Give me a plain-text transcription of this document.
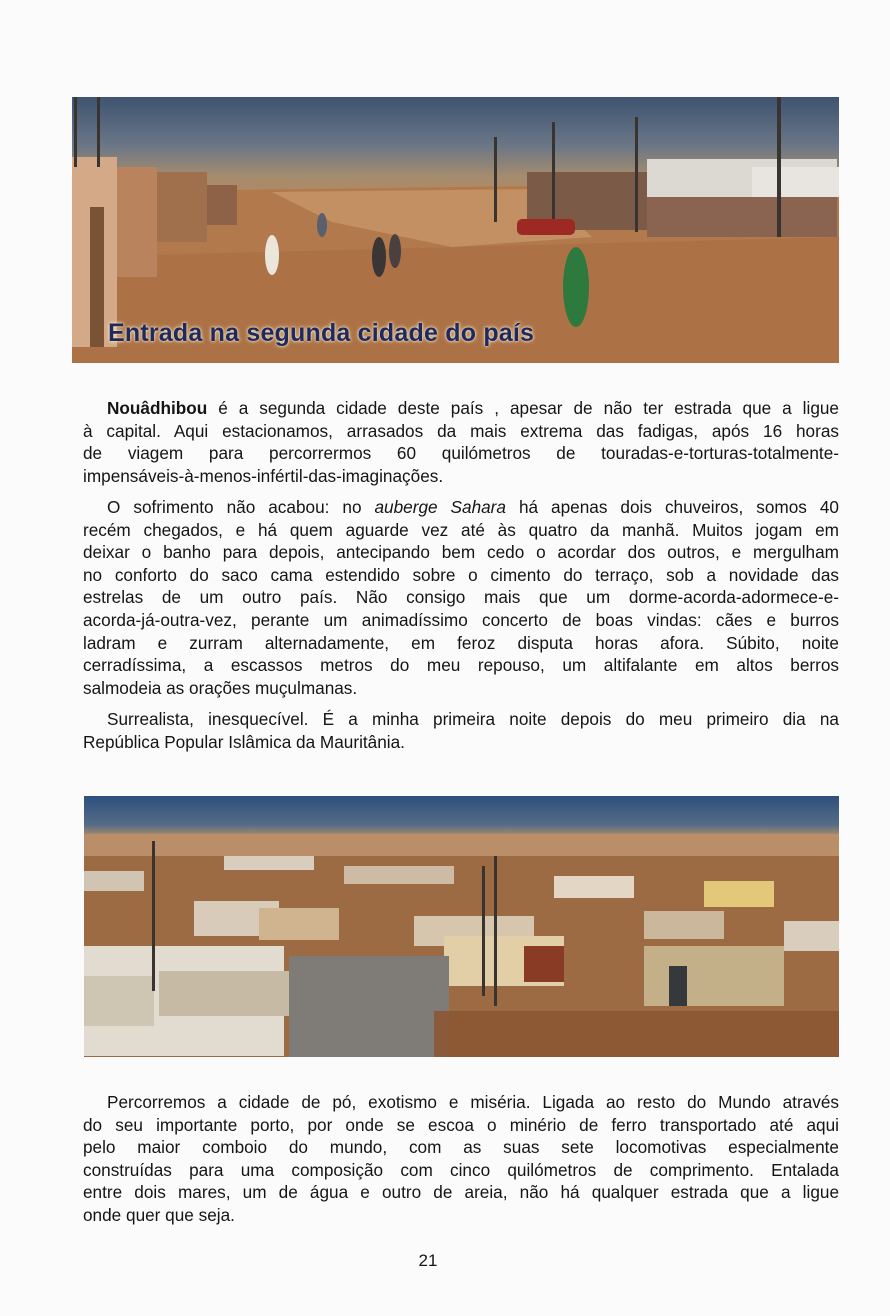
Entrada na segunda cidade do país
Nouâdhibou é a segunda cidade deste país , apesar de não ter estrada que a ligue
à capital. Aqui estacionamos, arrasados da mais extrema das fadigas, após 16 horas
de viagem para percorrermos 60 quilómetros de touradas-e-torturas-totalmente-
impensáveis-à-menos-infértil-das-imaginações.
O sofrimento não acabou: no auberge Sahara há apenas dois chuveiros, somos 40
recém chegados, e há quem aguarde vez até às quatro da manhã. Muitos jogam em
deixar o banho para depois, antecipando bem cedo o acordar dos outros, e mergulham
no conforto do saco cama estendido sobre o cimento do terraço, sob a novidade das
estrelas de um outro país. Não consigo mais que um dorme-acorda-adormece-e-
acorda-já-outra-vez, perante um animadíssimo concerto de boas vindas: cães e burros
ladram e zurram alternadamente, em feroz disputa horas afora. Súbito, noite
cerradíssima, a escassos metros do meu repouso, um altifalante em altos berros
salmodeia as orações muçulmanas.
Surrealista, inesquecível. É a minha primeira noite depois do meu primeiro dia na
República Popular Islâmica da Mauritânia.
Percorremos a cidade de pó, exotismo e miséria. Ligada ao resto do Mundo através
do seu importante porto, por onde se escoa o minério de ferro transportado até aqui
pelo maior comboio do mundo, com as suas sete locomotivas especialmente
construídas para uma composição com cinco quilómetros de comprimento. Entalada
entre dois mares, um de água e outro de areia, não há qualquer estrada que a ligue
onde quer que seja.
21
